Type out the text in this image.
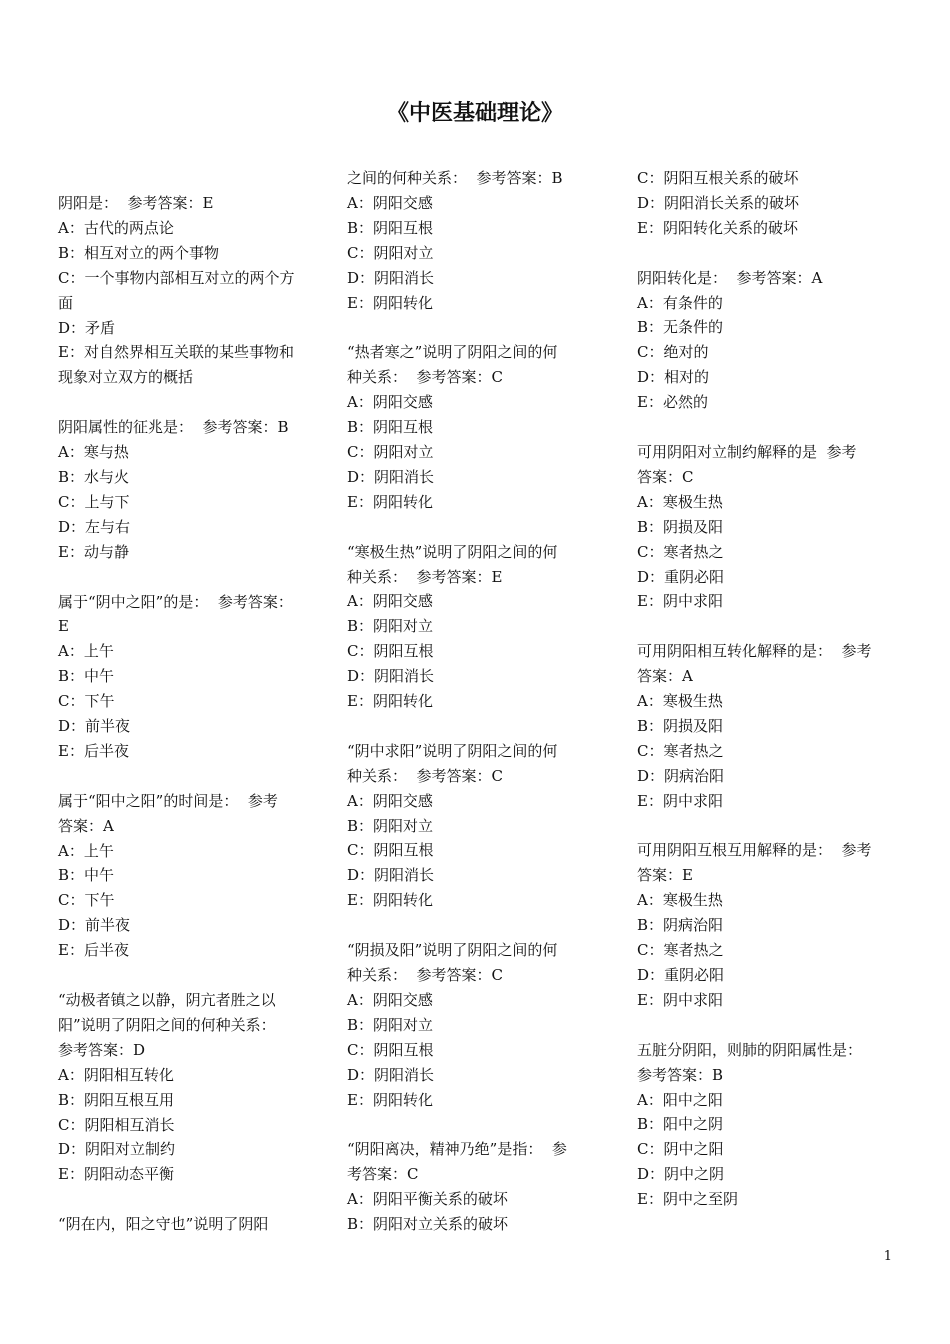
《中医基础理论》
阴阳是：  参考答案：E
A：古代的两点论
B：相互对立的两个事物
C：一个事物内部相互对立的两个方
面
D：矛盾
E：对自然界相互关联的某些事物和
现象对立双方的概括

阴阳属性的征兆是：  参考答案：B
A：寒与热
B：水与火
C：上与下
D：左与右
E：动与静

属于“阴中之阳”的是：  参考答案：
E
A：上午
B：中午
C：下午
D：前半夜
E：后半夜

属于“阳中之阳”的时间是：  参考
答案：A
A：上午
B：中午
C：下午
D：前半夜
E：后半夜

“动极者镇之以静，阴亢者胜之以
阳”说明了阴阳之间的何种关系：
参考答案：D
A：阴阳相互转化
B：阴阳互根互用
C：阴阳相互消长
D：阴阳对立制约
E：阴阳动态平衡

“阴在内，阳之守也”说明了阴阳
之间的何种关系：  参考答案：B
A：阴阳交感
B：阴阳互根
C：阴阳对立
D：阴阳消长
E：阴阳转化

“热者寒之”说明了阴阳之间的何
种关系：  参考答案：C
A：阴阳交感
B：阴阳互根
C：阴阳对立
D：阴阳消长
E：阴阳转化

“寒极生热”说明了阴阳之间的何
种关系：  参考答案：E
A：阴阳交感
B：阴阳对立
C：阴阳互根
D：阴阳消长
E：阴阳转化

“阴中求阳”说明了阴阳之间的何
种关系：  参考答案：C
A：阴阳交感
B：阴阳对立
C：阴阳互根
D：阴阳消长
E：阴阳转化

“阴损及阳”说明了阴阳之间的何
种关系：  参考答案：C
A：阴阳交感
B：阴阳对立
C：阴阳互根
D：阴阳消长
E：阴阳转化

“阴阳离决，精神乃绝”是指：  参
考答案：C
A：阴阳平衡关系的破坏
B：阴阳对立关系的破坏
C：阴阳互根关系的破坏
D：阴阳消长关系的破坏
E：阴阳转化关系的破坏

阴阳转化是：  参考答案：A
A：有条件的
B：无条件的
C：绝对的
D：相对的
E：必然的

可用阴阳对立制约解释的是  参考
答案：C
A：寒极生热
B：阴损及阳
C：寒者热之
D：重阴必阳
E：阴中求阳

可用阴阳相互转化解释的是：  参考
答案：A
A：寒极生热
B：阴损及阳
C：寒者热之
D：阴病治阳
E：阴中求阳

可用阴阳互根互用解释的是：  参考
答案：E
A：寒极生热
B：阴病治阳
C：寒者热之
D：重阴必阳
E：阴中求阳

五脏分阴阳，则肺的阴阳属性是：
参考答案：B
A：阳中之阳
B：阳中之阴
C：阴中之阳
D：阴中之阴
E：阴中之至阴
1
